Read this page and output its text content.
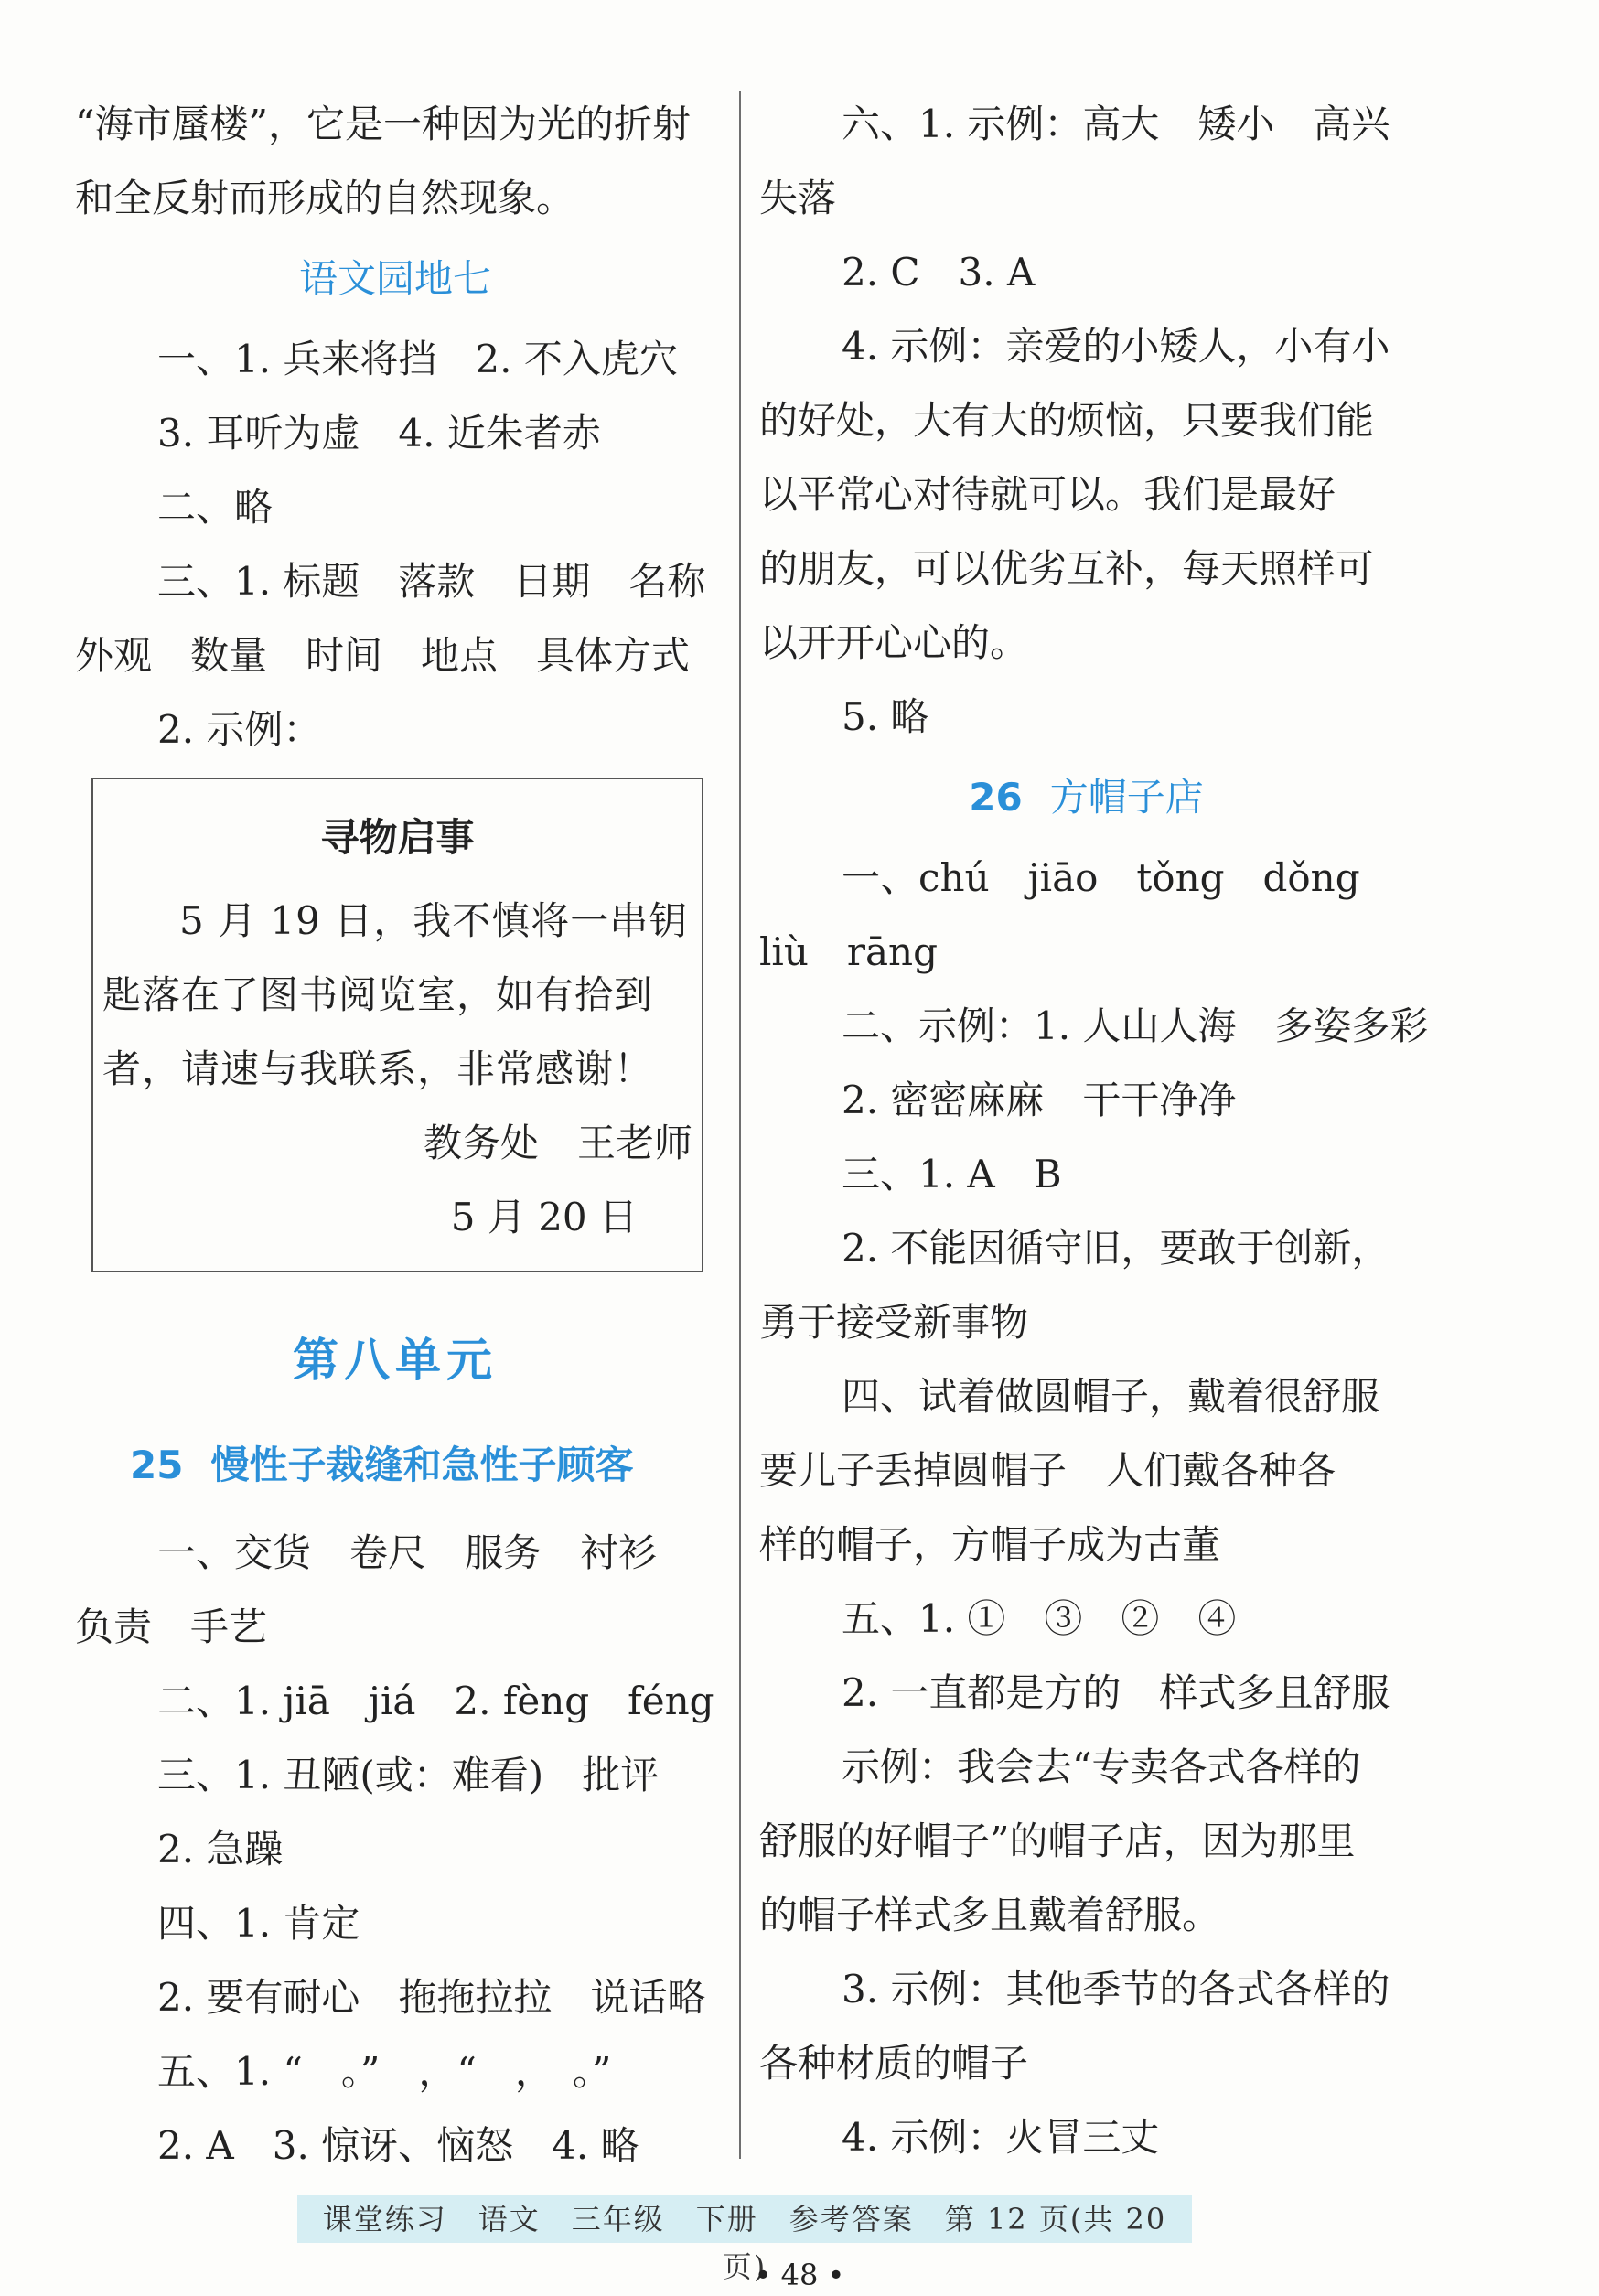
“海市蜃楼”，它是一种因为光的折射
和全反射而形成的自然现象。
语文园地七
一、1. 兵来将挡　2. 不入虎穴
3. 耳听为虚　4. 近朱者赤
二、略
三、1. 标题　落款　日期　名称
外观　数量　时间　地点　具体方式
2. 示例：
寻物启事
5 月 19 日，我不慎将一串钥匙落在了图书阅览室，如有拾到者，请速与我联系，非常感谢！
教务处　王老师
5 月 20 日
第八单元
25 慢性子裁缝和急性子顾客
一、交货　卷尺　服务　衬衫
负责　手艺
二、1. jiā　jiá　2. fèng　féng
三、1. 丑陋(或：难看)　批评
2. 急躁
四、1. 肯定
2. 要有耐心　拖拖拉拉　说话略
五、1. “　。”　，“　，　。”
2. A　3. 惊讶、恼怒　4. 略
六、1. 示例：高大　矮小　高兴
失落
2. C　3. A
4. 示例：亲爱的小矮人，小有小
的好处，大有大的烦恼，只要我们能
以平常心对待就可以。我们是最好
的朋友，可以优劣互补，每天照样可
以开开心心的。
5. 略
26 方帽子店
一、chú　jiāo　tǒng　dǒng
liù　rāng
二、示例：1. 人山人海　多姿多彩
2. 密密麻麻　干干净净
三、1. A　B
2. 不能因循守旧，要敢于创新，
勇于接受新事物
四、试着做圆帽子，戴着很舒服
要儿子丢掉圆帽子　人们戴各种各
样的帽子，方帽子成为古董
五、1. ①　③　②　④
2. 一直都是方的　样式多且舒服
示例：我会去“专卖各式各样的
舒服的好帽子”的帽子店，因为那里
的帽子样式多且戴着舒服。
3. 示例：其他季节的各式各样的
各种材质的帽子
4. 示例：火冒三丈
课堂练习　语文　三年级　下册　参考答案　第 12 页(共 20 页)
• 48 •
